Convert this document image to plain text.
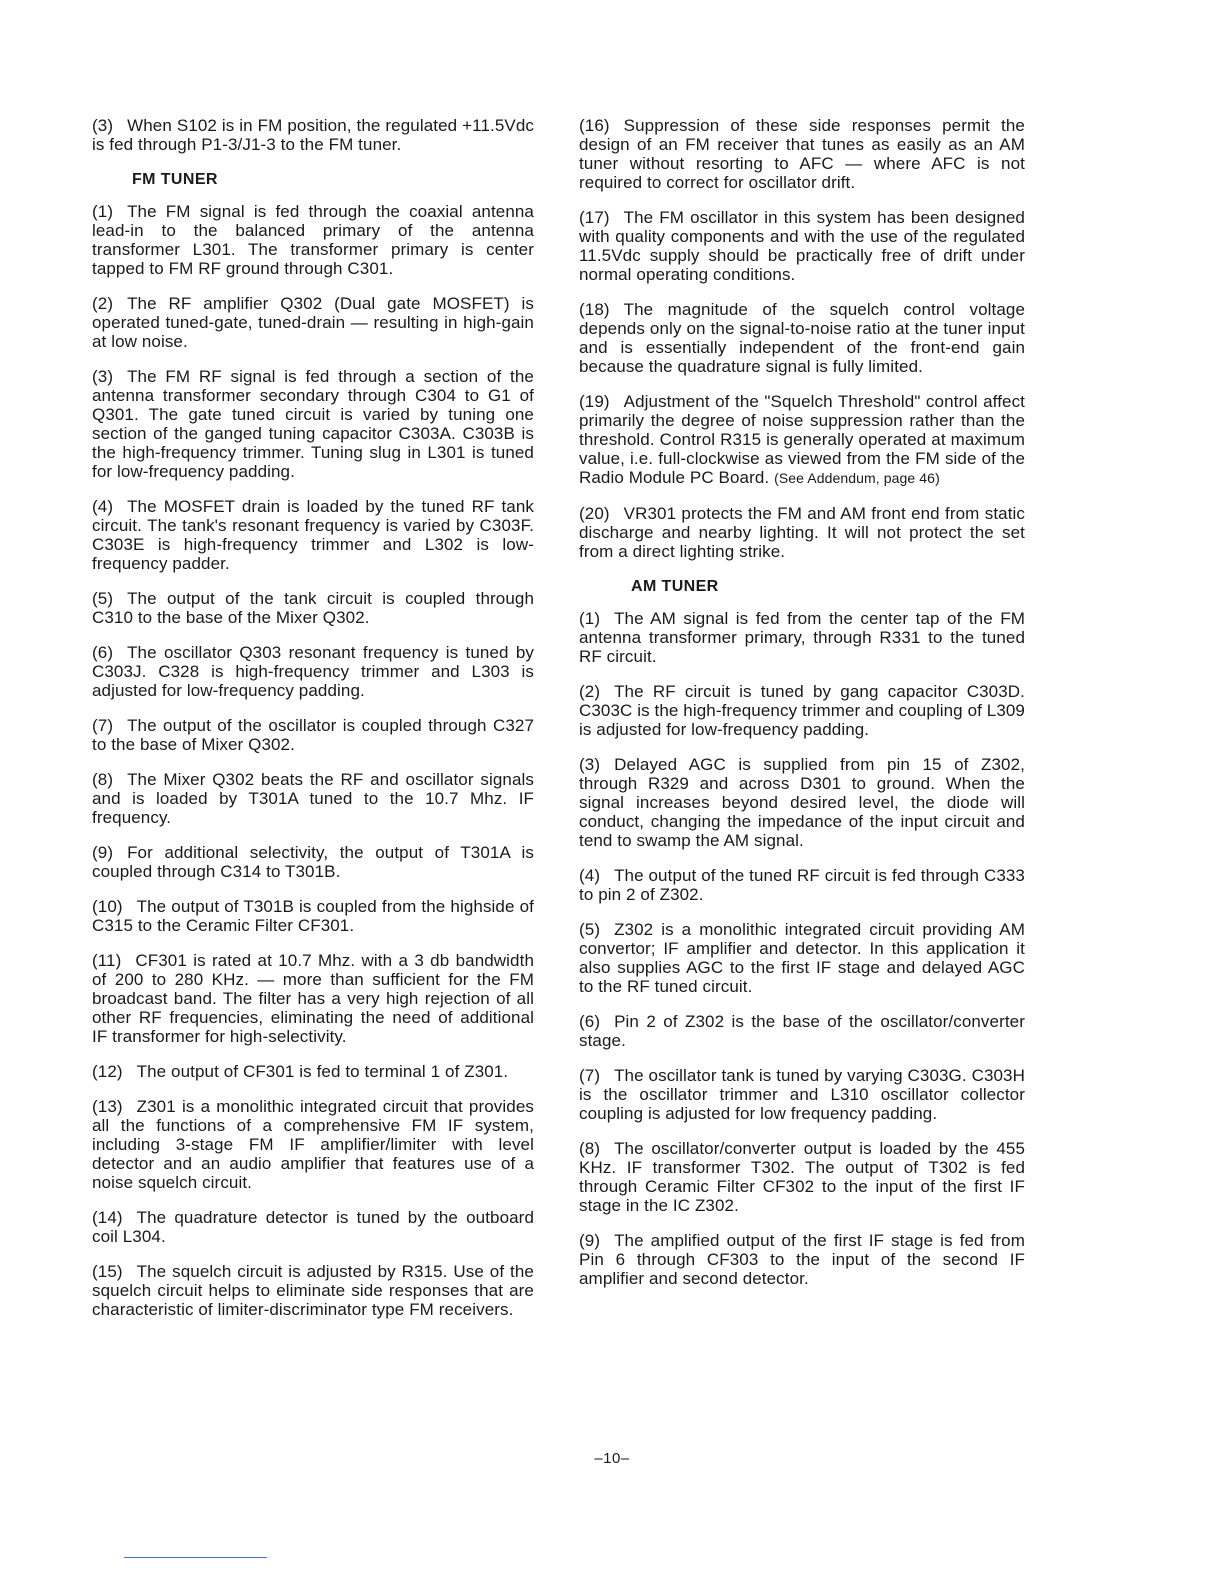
(3) When S102 is in FM position, the regulated +11.5Vdc is fed through P1-3/J1-3 to the FM tuner.

FM TUNER

(1) The FM signal is fed through the coaxial antenna lead-in to the balanced primary of the antenna transformer L301. The transformer primary is center tapped to FM RF ground through C301.

(2) The RF amplifier Q302 (Dual gate MOSFET) is operated tuned-gate, tuned-drain — resulting in high-gain at low noise.

(3) The FM RF signal is fed through a section of the antenna transformer secondary through C304 to G1 of Q301. The gate tuned circuit is varied by tuning one section of the ganged tuning capacitor C303A. C303B is the high-frequency trimmer. Tuning slug in L301 is tuned for low-frequency padding.

(4) The MOSFET drain is loaded by the tuned RF tank circuit. The tank's resonant frequency is varied by C303F. C303E is high-frequency trimmer and L302 is low-frequency padder.

(5) The output of the tank circuit is coupled through C310 to the base of the Mixer Q302.

(6) The oscillator Q303 resonant frequency is tuned by C303J. C328 is high-frequency trimmer and L303 is adjusted for low-frequency padding.

(7) The output of the oscillator is coupled through C327 to the base of Mixer Q302.

(8) The Mixer Q302 beats the RF and oscillator signals and is loaded by T301A tuned to the 10.7 Mhz. IF frequency.

(9) For additional selectivity, the output of T301A is coupled through C314 to T301B.

(10) The output of T301B is coupled from the highside of C315 to the Ceramic Filter CF301.

(11) CF301 is rated at 10.7 Mhz. with a 3 db bandwidth of 200 to 280 KHz. — more than sufficient for the FM broadcast band. The filter has a very high rejection of all other RF frequencies, eliminating the need of additional IF transformer for high-selectivity.

(12) The output of CF301 is fed to terminal 1 of Z301.

(13) Z301 is a monolithic integrated circuit that provides all the functions of a comprehensive FM IF system, including 3-stage FM IF amplifier/limiter with level detector and an audio amplifier that features use of a noise squelch circuit.

(14) The quadrature detector is tuned by the outboard coil L304.

(15) The squelch circuit is adjusted by R315. Use of the squelch circuit helps to eliminate side responses that are characteristic of limiter-discriminator type FM receivers.

(16) Suppression of these side responses permit the design of an FM receiver that tunes as easily as an AM tuner without resorting to AFC — where AFC is not required to correct for oscillator drift.

(17) The FM oscillator in this system has been designed with quality components and with the use of the regulated 11.5Vdc supply should be practically free of drift under normal operating conditions.

(18) The magnitude of the squelch control voltage depends only on the signal-to-noise ratio at the tuner input and is essentially independent of the front-end gain because the quadrature signal is fully limited.

(19) Adjustment of the "Squelch Threshold" control affect primarily the degree of noise suppression rather than the threshold. Control R315 is generally operated at maximum value, i.e. full-clockwise as viewed from the FM side of the Radio Module PC Board. (See Addendum, page 46)

(20) VR301 protects the FM and AM front end from static discharge and nearby lighting. It will not protect the set from a direct lighting strike.

AM TUNER

(1) The AM signal is fed from the center tap of the FM antenna transformer primary, through R331 to the tuned RF circuit.

(2) The RF circuit is tuned by gang capacitor C303D. C303C is the high-frequency trimmer and coupling of L309 is adjusted for low-frequency padding.

(3) Delayed AGC is supplied from pin 15 of Z302, through R329 and across D301 to ground. When the signal increases beyond desired level, the diode will conduct, changing the impedance of the input circuit and tend to swamp the AM signal.

(4) The output of the tuned RF circuit is fed through C333 to pin 2 of Z302.

(5) Z302 is a monolithic integrated circuit providing AM convertor; IF amplifier and detector. In this application it also supplies AGC to the first IF stage and delayed AGC to the RF tuned circuit.

(6) Pin 2 of Z302 is the base of the oscillator/converter stage.

(7) The oscillator tank is tuned by varying C303G. C303H is the oscillator trimmer and L310 oscillator collector coupling is adjusted for low frequency padding.

(8) The oscillator/converter output is loaded by the 455 KHz. IF transformer T302. The output of T302 is fed through Ceramic Filter CF302 to the input of the first IF stage in the IC Z302.

(9) The amplified output of the first IF stage is fed from Pin 6 through CF303 to the input of the second IF amplifier and second detector.

–10–
